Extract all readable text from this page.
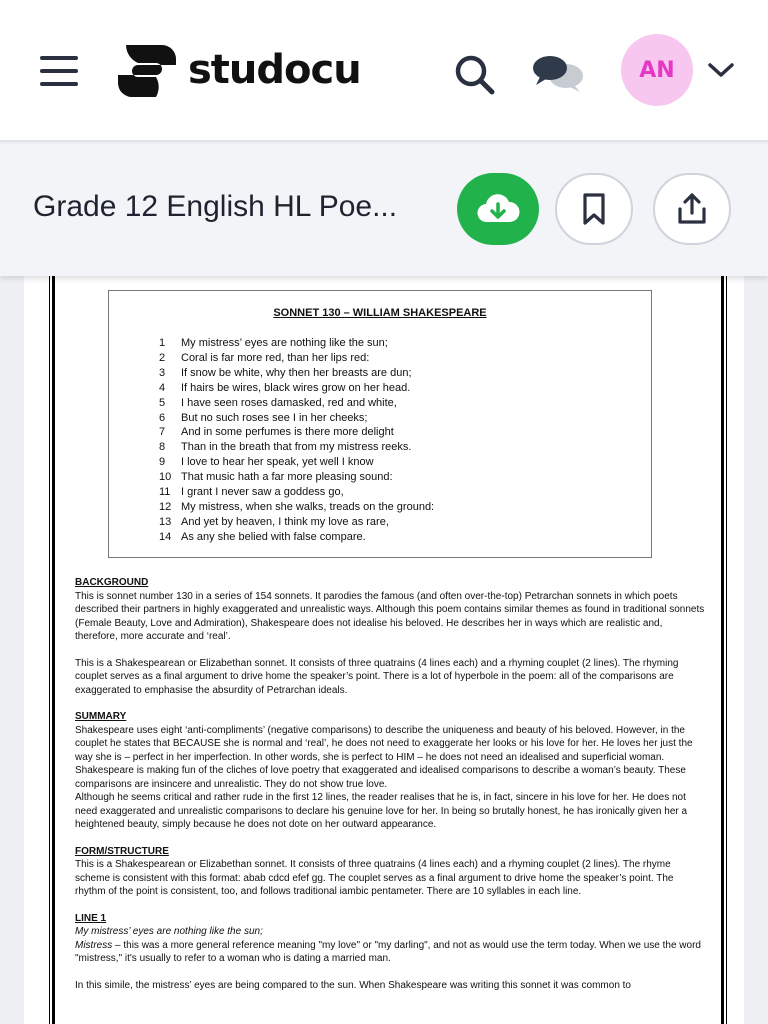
studocu	AN
Grade 12 English HL Poe...
SONNET 130 – WILLIAM SHAKESPEARE
1 My mistress’ eyes are nothing like the sun;
2 Coral is far more red, than her lips red:
3 If snow be white, why then her breasts are dun;
4 If hairs be wires, black wires grow on her head.
5 I have seen roses damasked, red and white,
6 But no such roses see I in her cheeks;
7 And in some perfumes is there more delight
8 Than in the breath that from my mistress reeks.
9 I love to hear her speak, yet well I know
10 That music hath a far more pleasing sound:
11 I grant I never saw a goddess go,
12 My mistress, when she walks, treads on the ground:
13 And yet by heaven, I think my love as rare,
14 As any she belied with false compare.
BACKGROUND

This is sonnet number 130 in a series of 154 sonnets. It parodies the famous (and often over-the-top) Petrarchan sonnets in which poets described their partners in highly exaggerated and unrealistic ways. Although this poem contains similar themes as found in traditional sonnets (Female Beauty, Love and Admiration), Shakespeare does not idealise his beloved. He describes her in ways which are realistic and, therefore, more accurate and ‘real’.

This is a Shakespearean or Elizabethan sonnet. It consists of three quatrains (4 lines each) and a rhyming couplet (2 lines). The rhyming couplet serves as a final argument to drive home the speaker’s point. There is a lot of hyperbole in the poem: all of the comparisons are exaggerated to emphasise the absurdity of Petrarchan ideals.

SUMMARY

Shakespeare uses eight ‘anti-compliments’ (negative comparisons) to describe the uniqueness and beauty of his beloved. However, in the couplet he states that BECAUSE she is normal and ‘real’, he does not need to exaggerate her looks or his love for her. He loves her just the way she is – perfect in her imperfection. In other words, she is perfect to HIM – he does not need an idealised and superficial woman.

Shakespeare is making fun of the cliches of love poetry that exaggerated and idealised comparisons to describe a woman’s beauty. These comparisons are insincere and unrealistic. They do not show true love.

Although he seems critical and rather rude in the first 12 lines, the reader realises that he is, in fact, sincere in his love for her. He does not need exaggerated and unrealistic comparisons to declare his genuine love for her. In being so brutally honest, he has ironically given her a heightened beauty, simply because he does not dote on her outward appearance.

FORM/STRUCTURE

This is a Shakespearean or Elizabethan sonnet. It consists of three quatrains (4 lines each) and a rhyming couplet (2 lines). The rhyme scheme is consistent with this format: abab cdcd efef gg. The couplet serves as a final argument to drive home the speaker’s point. The rhythm of the point is consistent, too, and follows traditional iambic pentameter. There are 10 syllables in each line.

LINE 1

My mistress’ eyes are nothing like the sun;

Mistress – this was a more general reference meaning "my love" or "my darling", and not as would use the term today. When we use the word "mistress," it's usually to refer to a woman who is dating a married man.

In this simile, the mistress’ eyes are being compared to the sun. When Shakespeare was writing this sonnet it was common to
